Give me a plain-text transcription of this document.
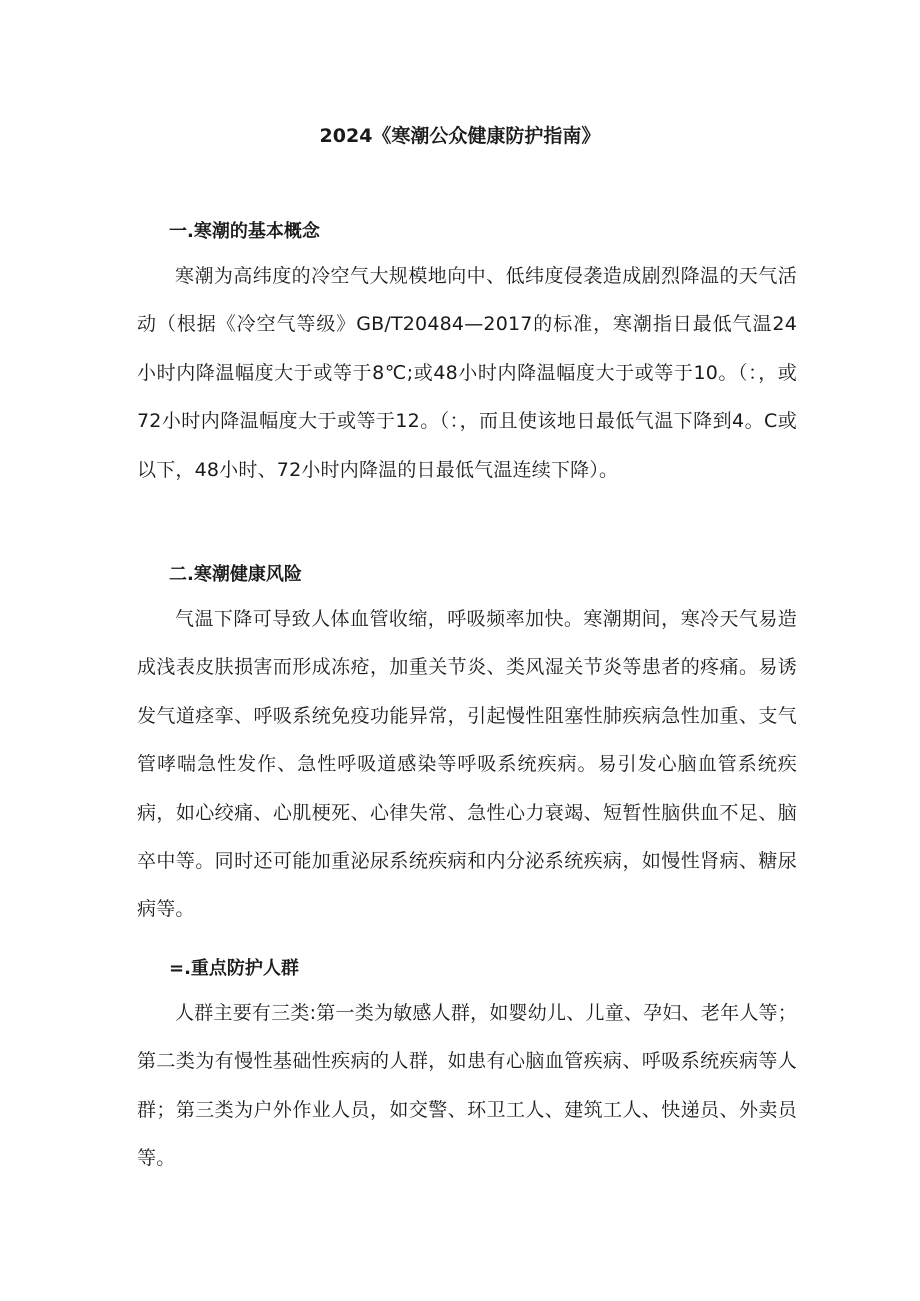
2024《寒潮公众健康防护指南》
一.寒潮的基本概念

寒潮为高纬度的冷空气大规模地向中、低纬度侵袭造成剧烈降温的天气活动（根据《冷空气等级》GB/T20484—2017的标准，寒潮指日最低气温24小时内降温幅度大于或等于8℃;或48小时内降温幅度大于或等于10。（：，或72小时内降温幅度大于或等于12。（：，而且使该地日最低气温下降到4。C或以下，48小时、72小时内降温的日最低气温连续下降）。

二.寒潮健康风险

气温下降可导致人体血管收缩，呼吸频率加快。寒潮期间，寒冷天气易造成浅表皮肤损害而形成冻疮，加重关节炎、类风湿关节炎等患者的疼痛。易诱发气道痉挛、呼吸系统免疫功能异常，引起慢性阻塞性肺疾病急性加重、支气管哮喘急性发作、急性呼吸道感染等呼吸系统疾病。易引发心脑血管系统疾病，如心绞痛、心肌梗死、心律失常、急性心力衰竭、短暂性脑供血不足、脑卒中等。同时还可能加重泌尿系统疾病和内分泌系统疾病，如慢性肾病、糖尿病等。

=.重点防护人群

人群主要有三类:第一类为敏感人群，如婴幼儿、儿童、孕妇、老年人等；第二类为有慢性基础性疾病的人群，如患有心脑血管疾病、呼吸系统疾病等人群；第三类为户外作业人员，如交警、环卫工人、建筑工人、快递员、外卖员等。
